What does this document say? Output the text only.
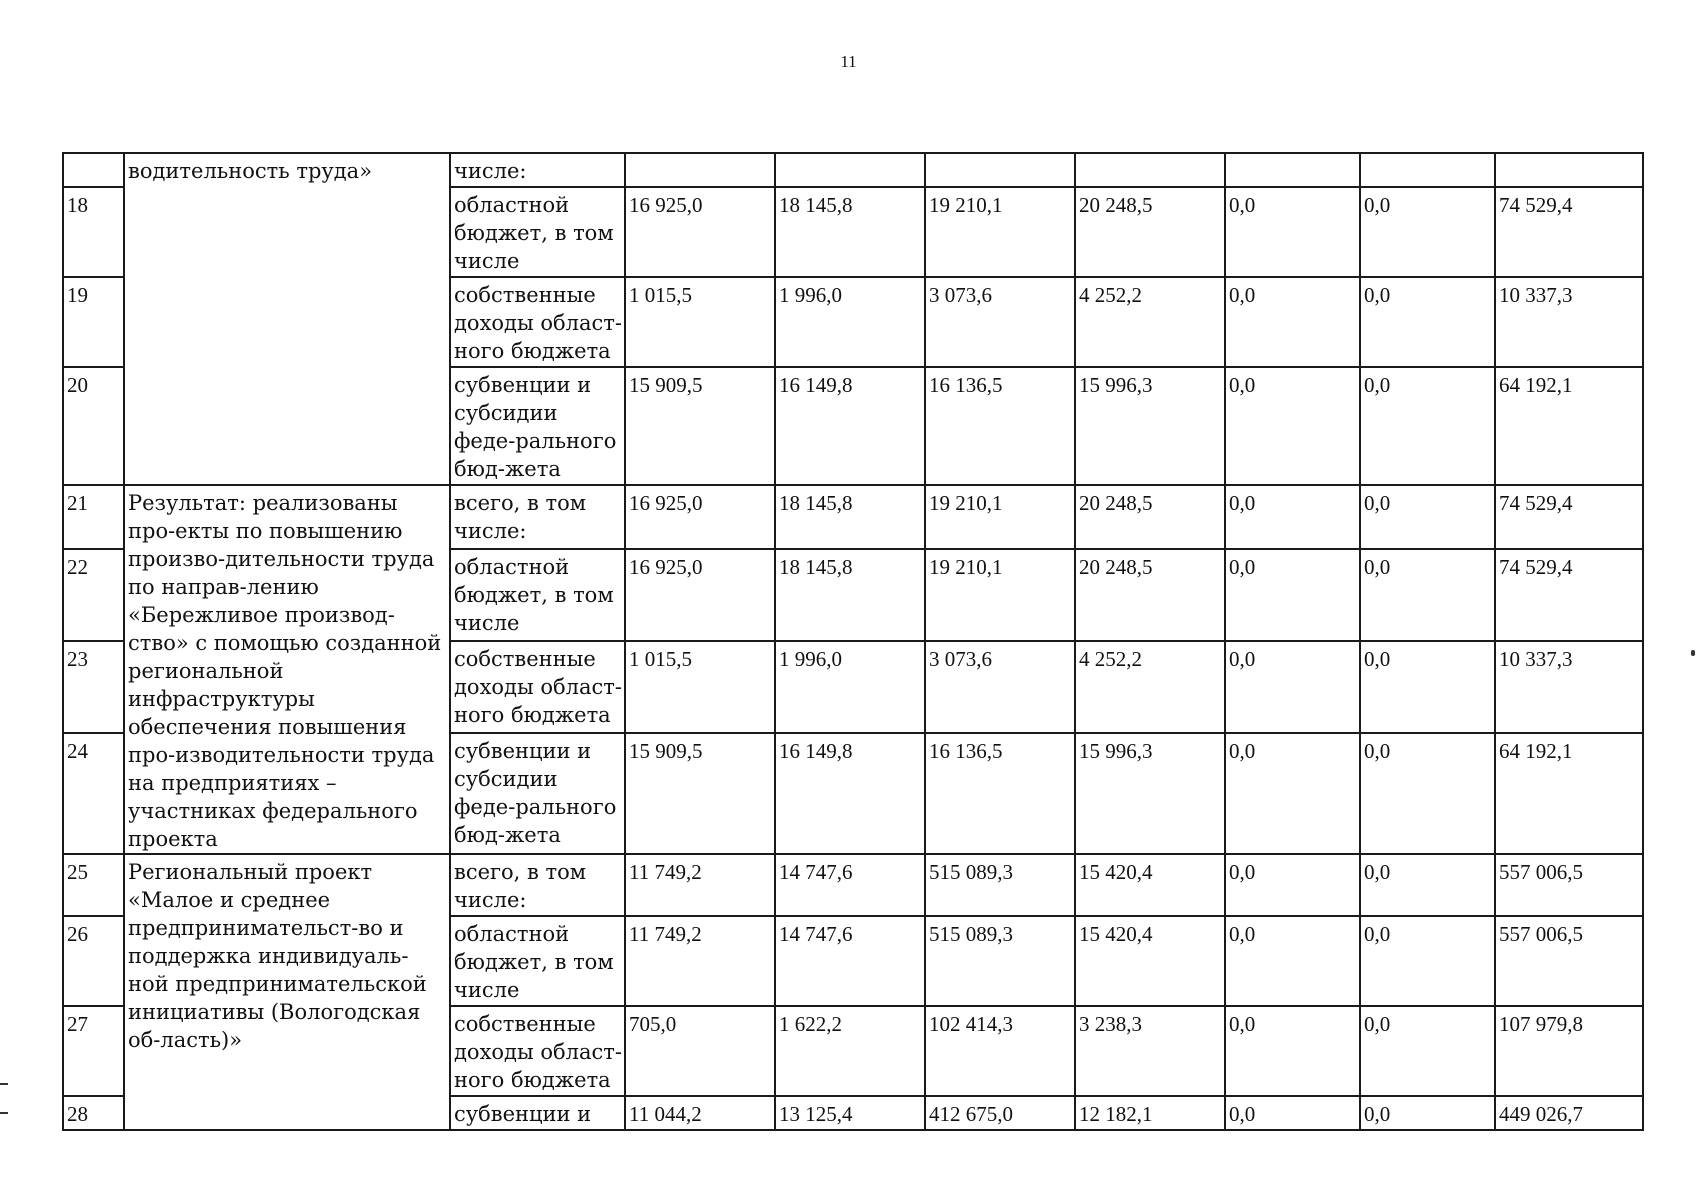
11
	водительность труда»	числе:							
18		областной бюджет, в том числе	16 925,0	18 145,8	19 210,1	20 248,5	0,0	0,0	74 529,4
19		собственные доходы област-ного бюджета	1 015,5	1 996,0	3 073,6	4 252,2	0,0	0,0	10 337,3
20		субвенции и субсидии феде-рального бюд-жета	15 909,5	16 149,8	16 136,5	15 996,3	0,0	0,0	64 192,1
21	Результат: реализованы про-екты по повышению произво-дительности труда по направ-лению «Бережливое производ-ство» с помощью созданной региональной инфраструктуры обеспечения повышения про-изводительности труда на предприятиях – участниках федерального проекта	всего, в том числе:	16 925,0	18 145,8	19 210,1	20 248,5	0,0	0,0	74 529,4
22		областной бюджет, в том числе	16 925,0	18 145,8	19 210,1	20 248,5	0,0	0,0	74 529,4
23		собственные доходы област-ного бюджета	1 015,5	1 996,0	3 073,6	4 252,2	0,0	0,0	10 337,3
24		субвенции и субсидии феде-рального бюд-жета	15 909,5	16 149,8	16 136,5	15 996,3	0,0	0,0	64 192,1
25	Региональный проект «Малое и среднее предпринимательст-во и поддержка индивидуаль-ной предпринимательской инициативы (Вологодская об-ласть)»	всего, в том числе:	11 749,2	14 747,6	515 089,3	15 420,4	0,0	0,0	557 006,5
26		областной бюджет, в том числе	11 749,2	14 747,6	515 089,3	15 420,4	0,0	0,0	557 006,5
27		собственные доходы област-ного бюджета	705,0	1 622,2	102 414,3	3 238,3	0,0	0,0	107 979,8
28		субвенции и	11 044,2	13 125,4	412 675,0	12 182,1	0,0	0,0	449 026,7
